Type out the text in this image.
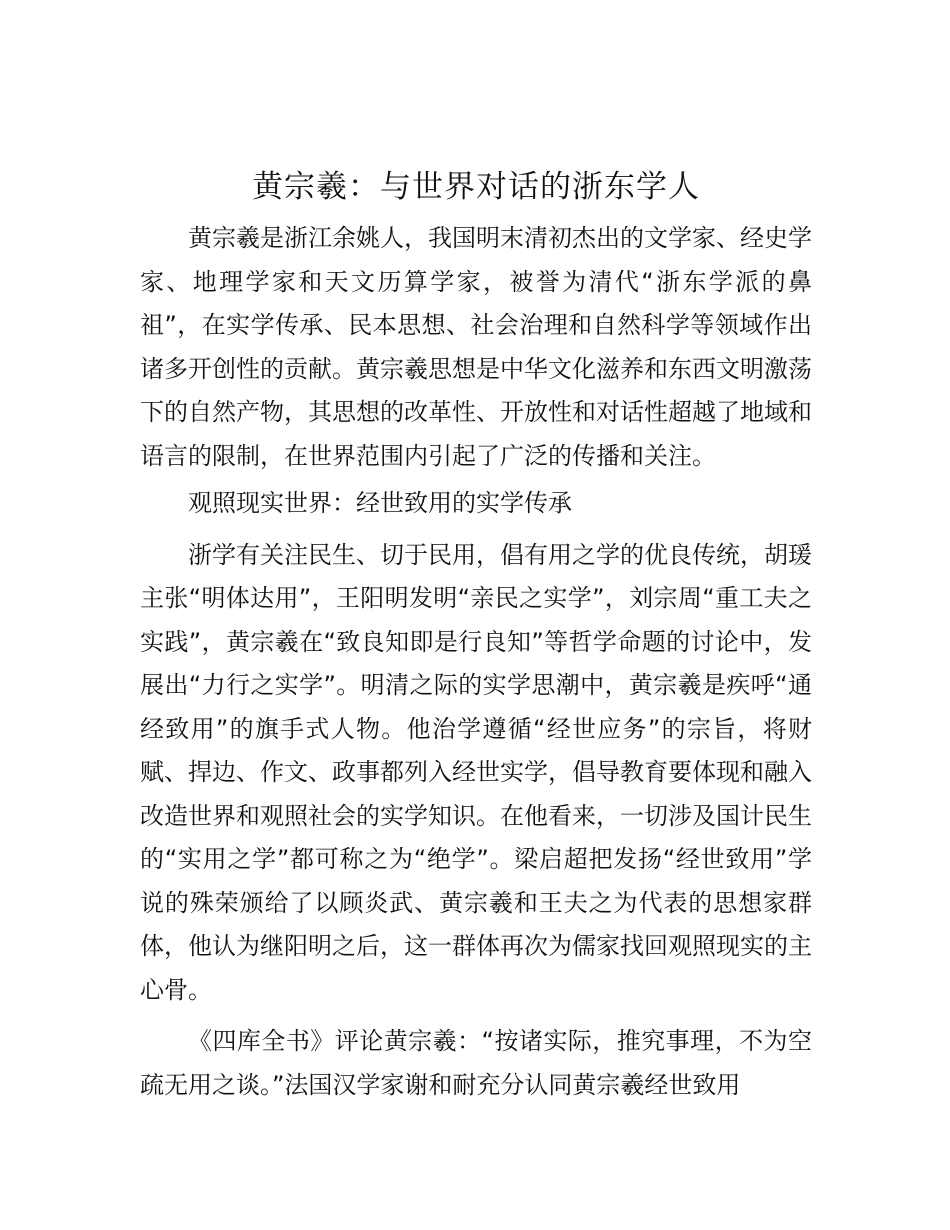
黄宗羲：与世界对话的浙东学人

黄宗羲是浙江余姚人，我国明末清初杰出的文学家、经史学家、地理学家和天文历算学家，被誉为清代“浙东学派的鼻祖”，在实学传承、民本思想、社会治理和自然科学等领域作出诸多开创性的贡献。黄宗羲思想是中华文化滋养和东西文明激荡下的自然产物，其思想的改革性、开放性和对话性超越了地域和语言的限制，在世界范围内引起了广泛的传播和关注。

观照现实世界：经世致用的实学传承

浙学有关注民生、切于民用，倡有用之学的优良传统，胡瑗主张“明体达用”，王阳明发明“亲民之实学”，刘宗周“重工夫之实践”，黄宗羲在“致良知即是行良知”等哲学命题的讨论中，发展出“力行之实学”。明清之际的实学思潮中，黄宗羲是疾呼“通经致用”的旗手式人物。他治学遵循“经世应务”的宗旨，将财赋、捍边、作文、政事都列入经世实学，倡导教育要体现和融入改造世界和观照社会的实学知识。在他看来，一切涉及国计民生的“实用之学”都可称之为“绝学”。梁启超把发扬“经世致用”学说的殊荣颁给了以顾炎武、黄宗羲和王夫之为代表的思想家群体，他认为继阳明之后，这一群体再次为儒家找回观照现实的主心骨。

《四库全书》评论黄宗羲：“按诸实际，推究事理，不为空疏无用之谈。”法国汉学家谢和耐充分认同黄宗羲经世致用
